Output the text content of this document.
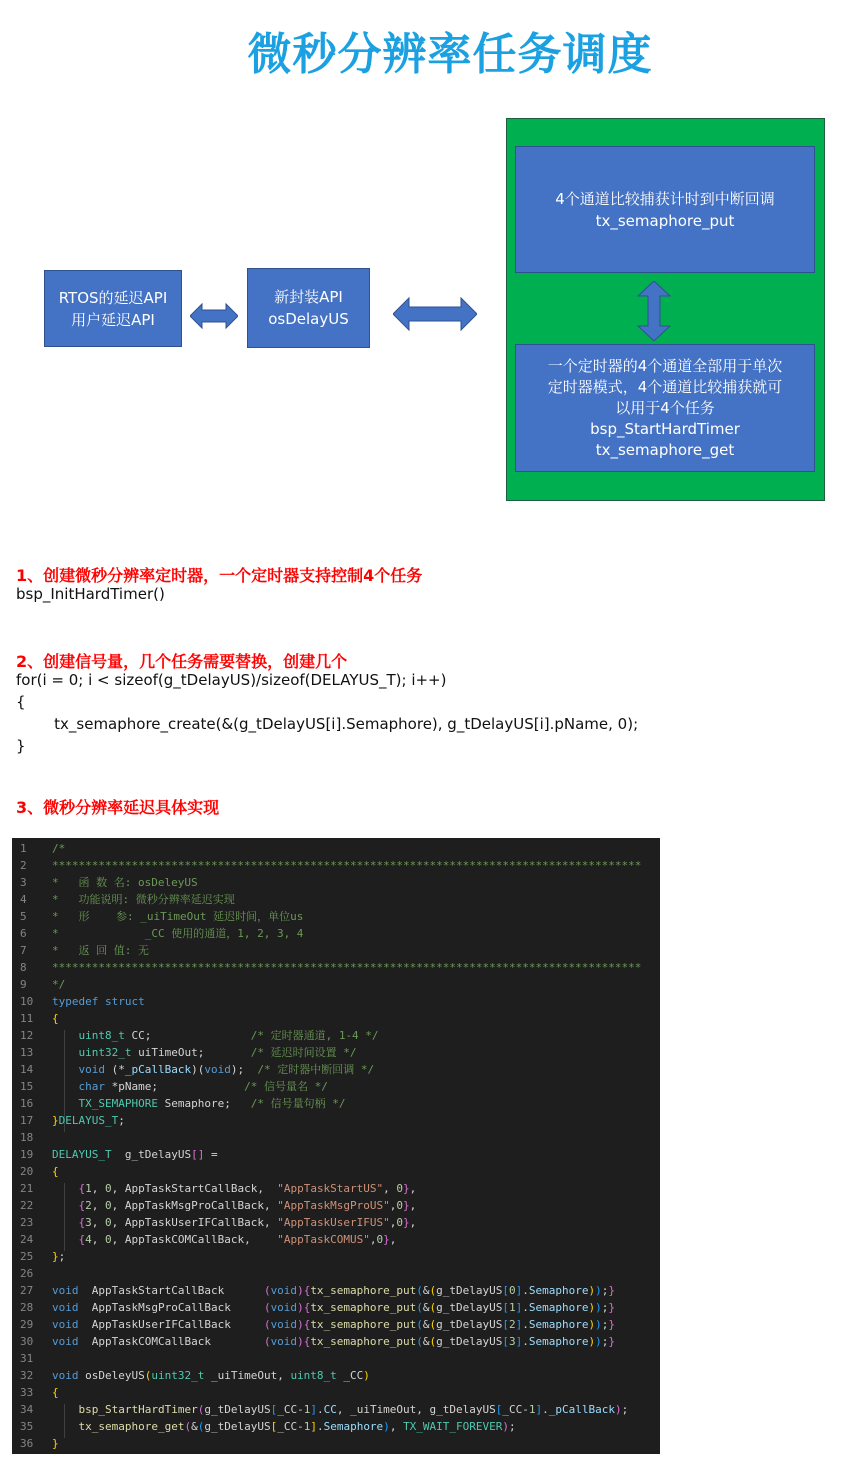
微秒分辨率任务调度
RTOS的延迟API
用户延迟API
新封装API
osDelayUS
4个通道比较捕获计时到中断回调
tx_semaphore_put
一个定时器的4个通道全部用于单次
定时器模式，4个通道比较捕获就可
以用于4个任务
bsp_StartHardTimer
tx_semaphore_get
1、创建微秒分辨率定时器，一个定时器支持控制4个任务
bsp_InitHardTimer()
2、创建信号量，几个任务需要替换，创建几个
for(i = 0; i < sizeof(g_tDelayUS)/sizeof(DELAYUS_T); i++)
{
tx_semaphore_create(&(g_tDelayUS[i].Semaphore), g_tDelayUS[i].pName, 0);
}
3、微秒分辨率延迟具体实现
1	/*
2	*****************************************************************************************
3	*   函 数 名: osDeleyUS
4	*   功能说明: 微秒分辨率延迟实现
5	*   形    参: _uiTimeOut 延迟时间，单位us
6	*             _CC 使用的通道，1, 2, 3, 4
7	*   返 回 值: 无
8	*****************************************************************************************
9	*/
10	typedef struct
11	{
12	uint8_t CC;               /* 定时器通道, 1-4 */
13	uint32_t uiTimeOut;       /* 延迟时间设置 */
14	void (*_pCallBack)(void);  /* 定时器中断回调 */
15	char *pName;             /* 信号量名 */
16	TX_SEMAPHORE Semaphore;   /* 信号量句柄 */
17	}DELAYUS_T;
18
19	DELAYUS_T  g_tDelayUS[] =
20	{
21	{1, 0, AppTaskStartCallBack,  "AppTaskStartUS", 0},
22	{2, 0, AppTaskMsgProCallBack, "AppTaskMsgProUS",0},
23	{3, 0, AppTaskUserIFCallBack, "AppTaskUserIFUS",0},
24	{4, 0, AppTaskCOMCallBack,    "AppTaskCOMUS",0},
25	};
26
27	void  AppTaskStartCallBack      (void){tx_semaphore_put(&(g_tDelayUS[0].Semaphore));}
28	void  AppTaskMsgProCallBack     (void){tx_semaphore_put(&(g_tDelayUS[1].Semaphore));}
29	void  AppTaskUserIFCallBack     (void){tx_semaphore_put(&(g_tDelayUS[2].Semaphore));}
30	void  AppTaskCOMCallBack        (void){tx_semaphore_put(&(g_tDelayUS[3].Semaphore));}
31
32	void osDeleyUS(uint32_t _uiTimeOut, uint8_t _CC)
33	{
34	bsp_StartHardTimer(g_tDelayUS[_CC-1].CC, _uiTimeOut, g_tDelayUS[_CC-1]._pCallBack);
35	tx_semaphore_get(&(g_tDelayUS[_CC-1].Semaphore), TX_WAIT_FOREVER);
36	}
